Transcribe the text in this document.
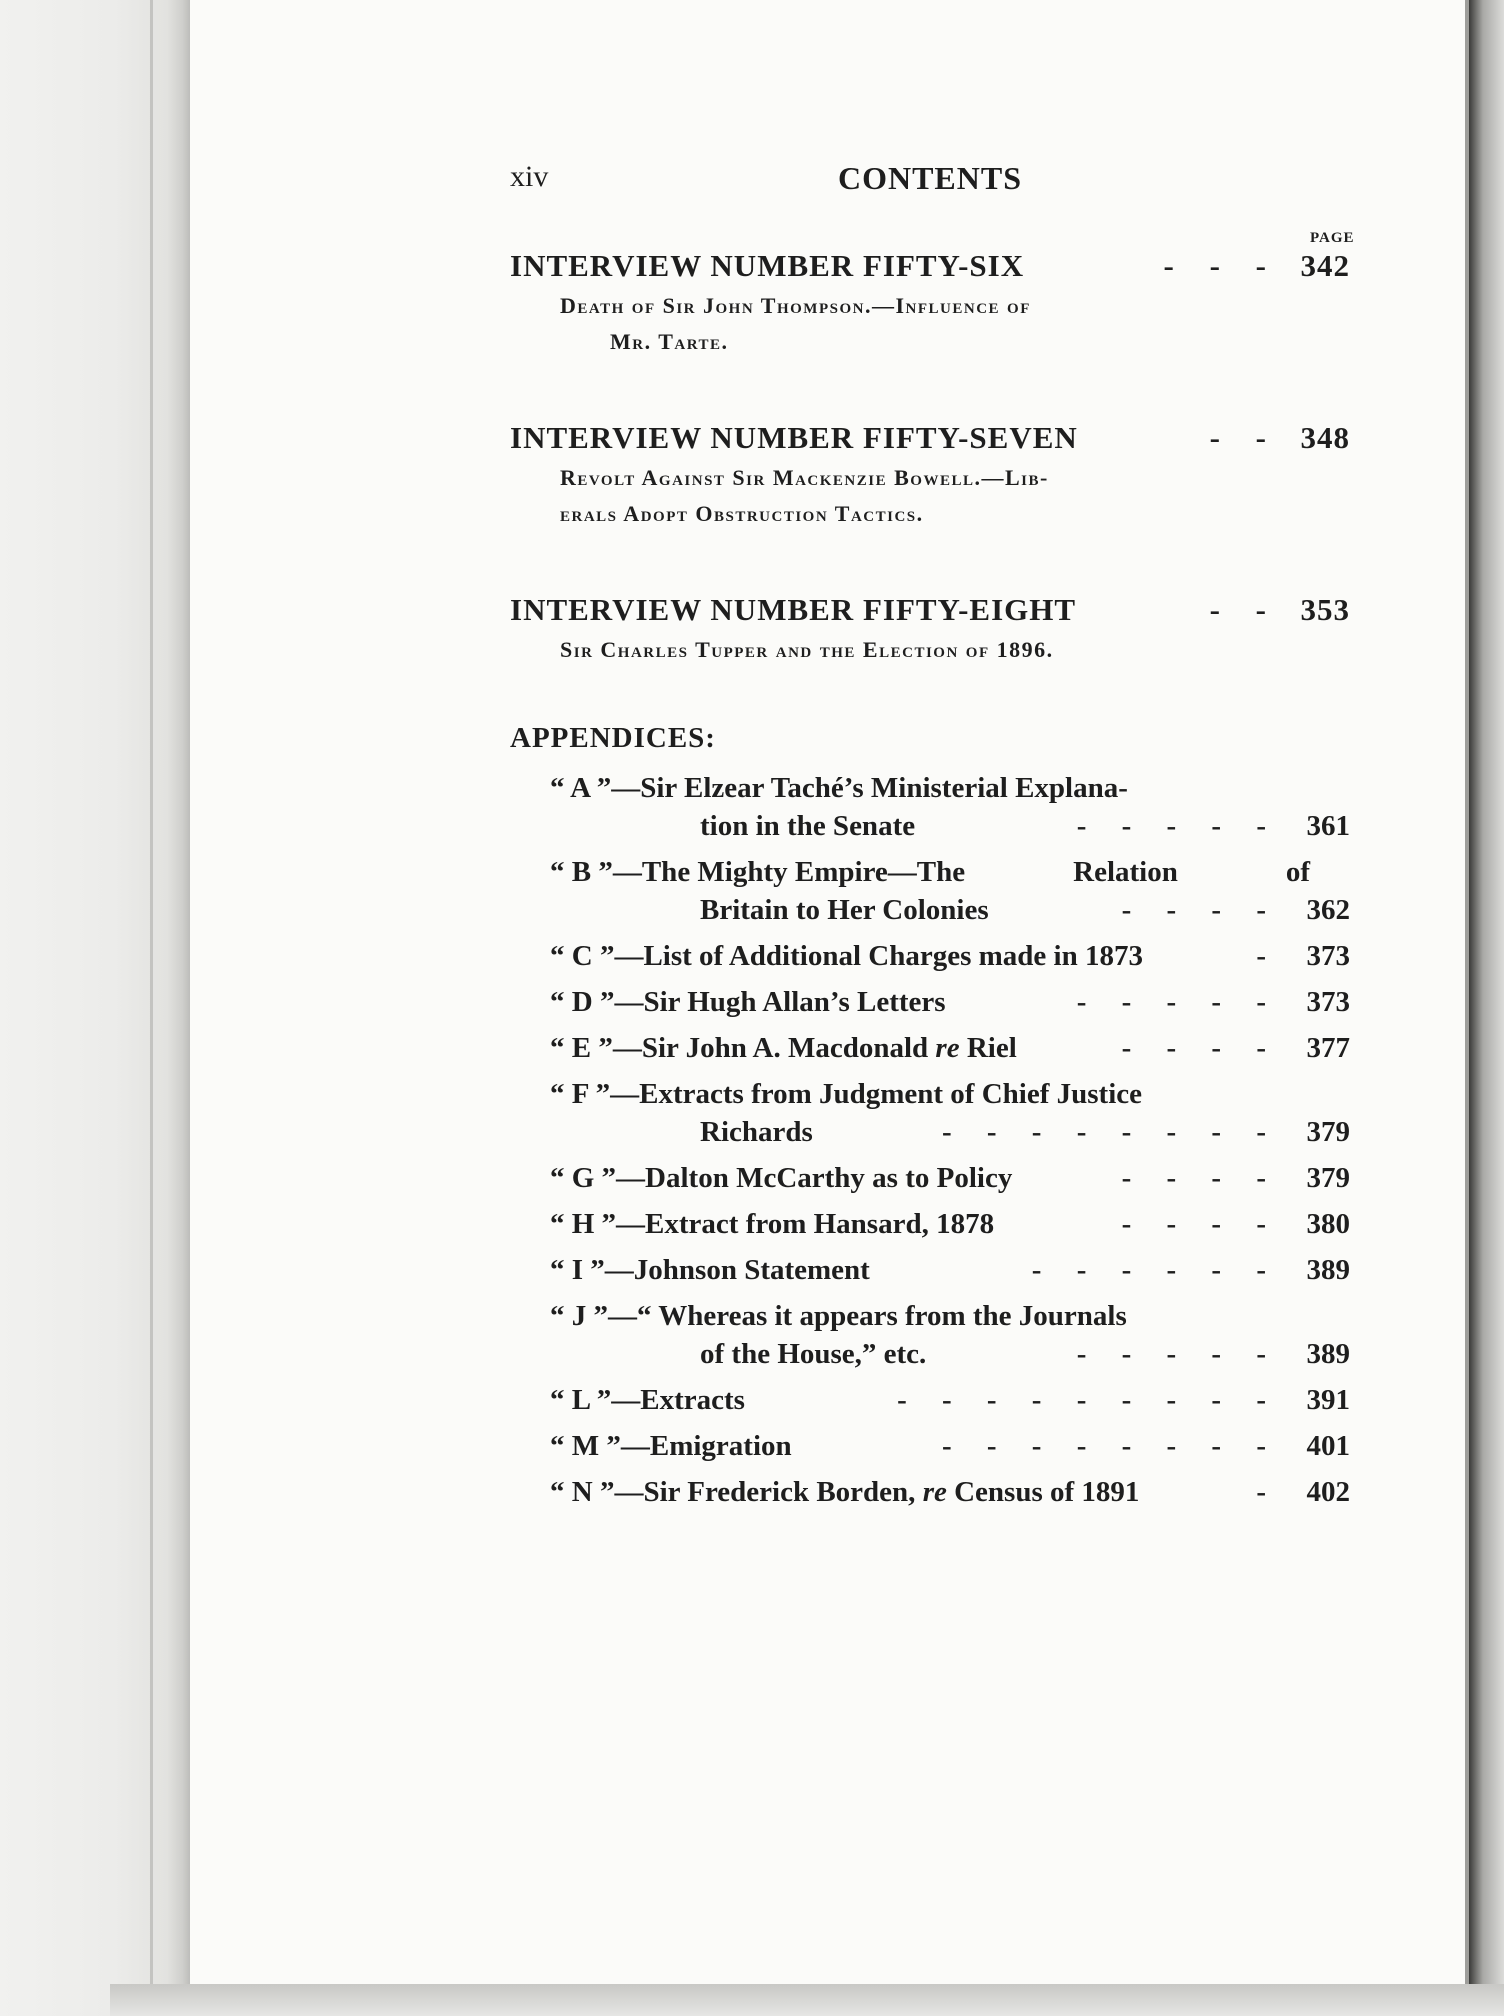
xiv	CONTENTS
PAGE
INTERVIEW NUMBER FIFTY-SIX	- - - 342
Death of Sir John Thompson.—Influence of
Mr. Tarte.
INTERVIEW NUMBER FIFTY-SEVEN	- - 348
Revolt Against Sir Mackenzie Bowell.—Lib-
erals Adopt Obstruction Tactics.
INTERVIEW NUMBER FIFTY-EIGHT	- - 353
Sir Charles Tupper and the Election of 1896.
APPENDICES:
“ A ”—Sir Elzear Taché’s Ministerial Explana-
tion in the Senate	- - - - - 361
“ B ”—The Mighty Empire—The	Relation	of
Britain to Her Colonies	- - - - 362
“ C ”—List of Additional Charges made in 1873	- 373
“ D ”—Sir Hugh Allan’s Letters	- - - - - 373
“ E ”—Sir John A. Macdonald re Riel	- - - - 377
“ F ”—Extracts from Judgment of Chief Justice
Richards	- - - - - - - - 379
“ G ”—Dalton McCarthy as to Policy	- - - - 379
“ H ”—Extract from Hansard, 1878	- - - - 380
“ I ”—Johnson Statement	- - - - - - 389
“ J ”—“ Whereas it appears from the Journals
of the House,” etc.	- - - - - 389
“ L ”—Extracts	- - - - - - - - - 391
“ M ”—Emigration	- - - - - - - - 401
“ N ”—Sir Frederick Borden, re Census of 1891	- 402
